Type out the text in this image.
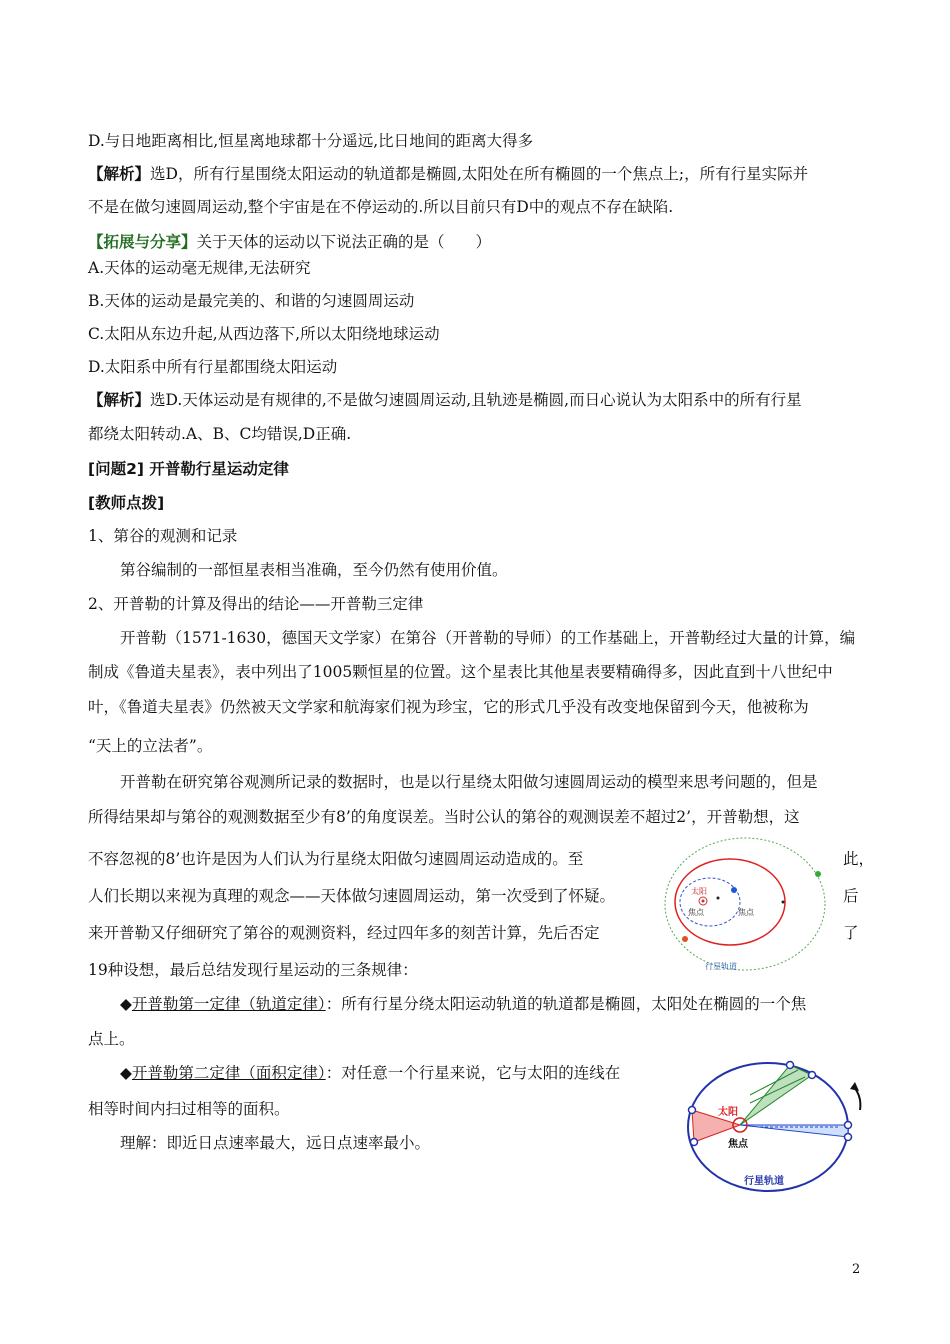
D.与日地距离相比,恒星离地球都十分遥远,比日地间的距离大得多
【解析】选D，所有行星围绕太阳运动的轨道都是椭圆,太阳处在所有椭圆的一个焦点上;，所有行星实际并
不是在做匀速圆周运动,整个宇宙是在不停运动的.所以目前只有D中的观点不存在缺陷.
【拓展与分享】关于天体的运动以下说法正确的是（　　）
A.天体的运动毫无规律,无法研究
B.天体的运动是最完美的、和谐的匀速圆周运动
C.太阳从东边升起,从西边落下,所以太阳绕地球运动
D.太阳系中所有行星都围绕太阳运动
【解析】选D.天体运动是有规律的,不是做匀速圆周运动,且轨迹是椭圆,而日心说认为太阳系中的所有行星
都绕太阳转动.A、B、C均错误,D正确.
[问题2] 开普勒行星运动定律
[教师点拨]
1、第谷的观测和记录
第谷编制的一部恒星表相当准确，至今仍然有使用价值。
2、开普勒的计算及得出的结论——开普勒三定律
开普勒（1571-1630，德国天文学家）在第谷（开普勒的导师）的工作基础上，开普勒经过大量的计算，编
制成《鲁道夫星表》，表中列出了1005颗恒星的位置。这个星表比其他星表要精确得多，因此直到十八世纪中
叶，《鲁道夫星表》仍然被天文学家和航海家们视为珍宝，它的形式几乎没有改变地保留到今天，他被称为
“天上的立法者”。
开普勒在研究第谷观测所记录的数据时，也是以行星绕太阳做匀速圆周运动的模型来思考问题的，但是
所得结果却与第谷的观测数据至少有8’的角度误差。当时公认的第谷的观测误差不超过2’，开普勒想，这
不容忽视的8’也许是因为人们认为行星绕太阳做匀速圆周运动造成的。至	此，
人们长期以来视为真理的观念——天体做匀速圆周运动，第一次受到了怀疑。	后
来开普勒又仔细研究了第谷的观测资料，经过四年多的刻苦计算，先后否定	了
19种设想，最后总结发现行星运动的三条规律：
◆开普勒第一定律（轨道定律）：所有行星分绕太阳运动轨道的轨道都是椭圆，太阳处在椭圆的一个焦
点上。
◆开普勒第二定律（面积定律）：对任意一个行星来说，它与太阳的连线在
相等时间内扫过相等的面积。
理解：即近日点速率最大，远日点速率最小。
太阳
焦点	焦点
行星轨道
太阳
焦点
行星轨道
2
